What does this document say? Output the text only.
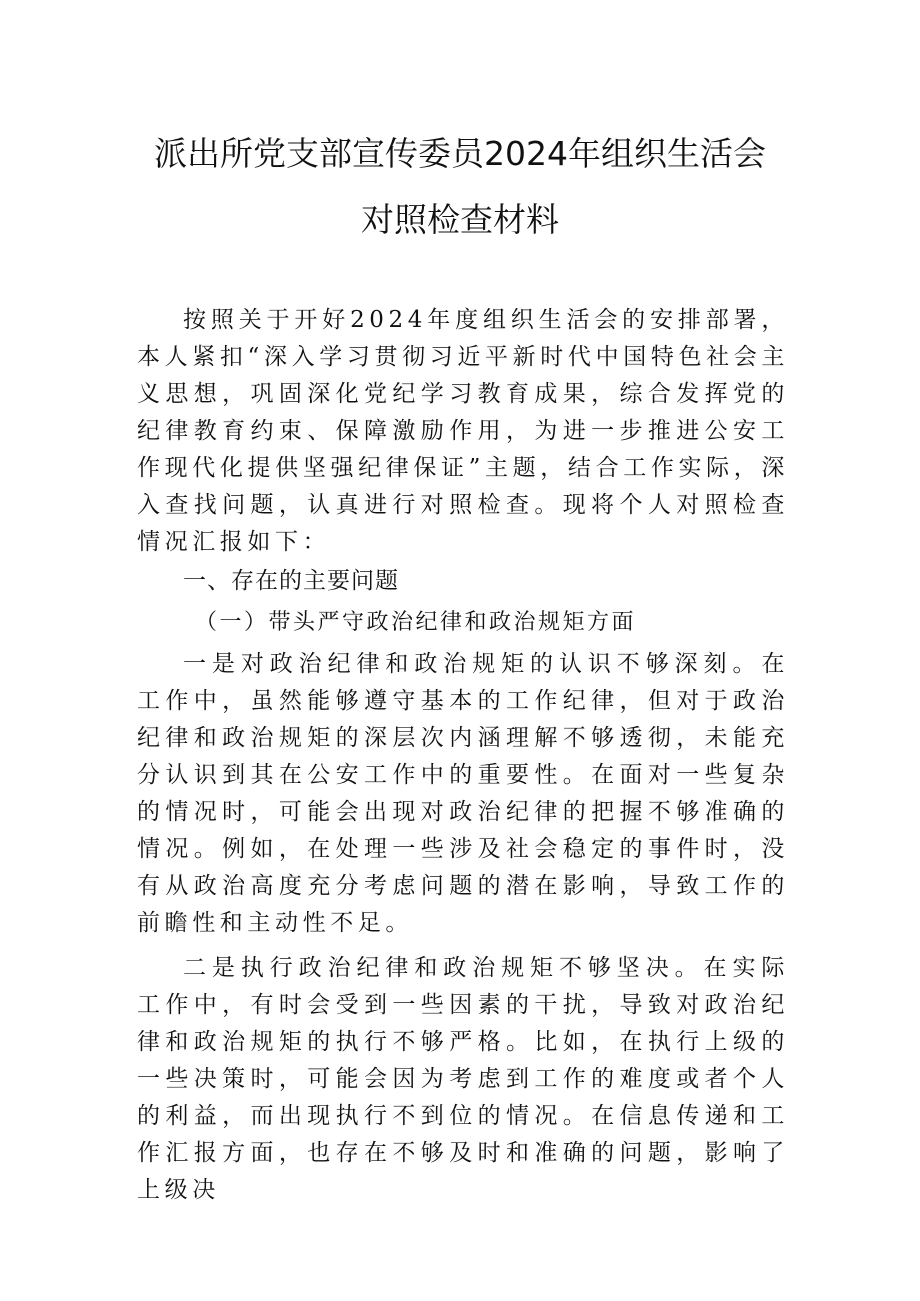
派出所党支部宣传委员2024年组织生活会
对照检查材料

按照关于开好2024年度组织生活会的安排部署，本人紧扣“深入学习贯彻习近平新时代中国特色社会主义思想，巩固深化党纪学习教育成果，综合发挥党的纪律教育约束、保障激励作用，为进一步推进公安工作现代化提供坚强纪律保证”主题，结合工作实际，深入查找问题，认真进行对照检查。现将个人对照检查情况汇报如下：

一、存在的主要问题
（一）带头严守政治纪律和政治规矩方面

一是对政治纪律和政治规矩的认识不够深刻。在工作中，虽然能够遵守基本的工作纪律，但对于政治纪律和政治规矩的深层次内涵理解不够透彻，未能充分认识到其在公安工作中的重要性。在面对一些复杂的情况时，可能会出现对政治纪律的把握不够准确的情况。例如，在处理一些涉及社会稳定的事件时，没有从政治高度充分考虑问题的潜在影响，导致工作的前瞻性和主动性不足。

二是执行政治纪律和政治规矩不够坚决。在实际工作中，有时会受到一些因素的干扰，导致对政治纪律和政治规矩的执行不够严格。比如，在执行上级的一些决策时，可能会因为考虑到工作的难度或者个人的利益，而出现执行不到位的情况。在信息传递和工作汇报方面，也存在不够及时和准确的问题，影响了上级决
